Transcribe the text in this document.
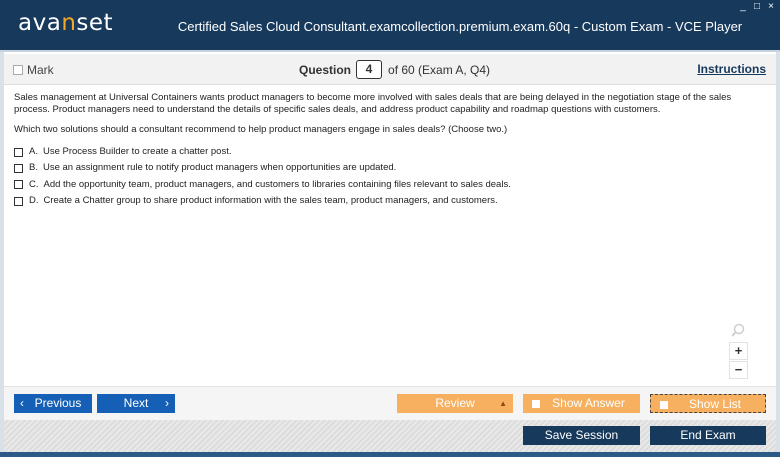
avanset	Certified Sales Cloud Consultant.examcollection.premium.exam.60q - Custom Exam - VCE Player
_ □ ×
Mark	Question	4	of 60 (Exam A, Q4)	Instructions
Sales management at Universal Containers wants product managers to become more involved with sales deals that are being delayed in the negotiation stage of the sales process. Product managers need to understand the details of specific sales deals, and address product capability and roadmap questions with customers.
Which two solutions should a consultant recommend to help product managers engage in sales deals? (Choose two.)
A. Use Process Builder to create a chatter post.
B. Use an assignment rule to notify product managers when opportunities are updated.
C. Add the opportunity team, product managers, and customers to libraries containing files relevant to sales deals.
D. Create a Chatter group to share product information with the sales team, product managers, and customers.
+
−
‹ Previous	Next ›	Review	▲	Show Answer	Show List
Save Session	End Exam
